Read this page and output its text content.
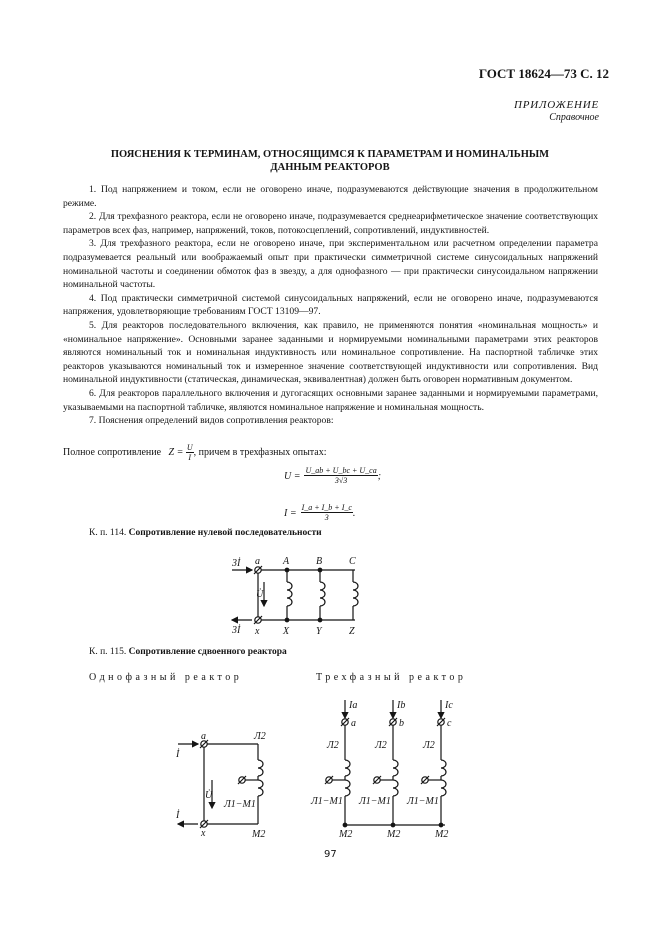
ГОСТ 18624—73 С. 12
ПРИЛОЖЕНИЕ
Справочное
ПОЯСНЕНИЯ К ТЕРМИНАМ, ОТНОСЯЩИМСЯ К ПАРАМЕТРАМ И НОМИНАЛЬНЫМ
ДАННЫМ РЕАКТОРОВ

1. Под напряжением и током, если не оговорено иначе, подразумеваются действующие значения в продолжительном режиме.

2. Для трехфазного реактора, если не оговорено иначе, подразумевается среднеарифметическое значение соответствующих параметров всех фаз, например, напряжений, токов, потокосцеплений, сопротивлений, индуктивностей.

3. Для трехфазного реактора, если не оговорено иначе, при экспериментальном или расчетном определении параметра подразумевается реальный или воображаемый опыт при практически симметричной системе синусоидальных напряжений номинальной частоты и соединении обмоток фаз в звезду, а для однофазного — при практически синусоидальном напряжении номинальной частоты.

4. Под практически симметричной системой синусоидальных напряжений, если не оговорено иначе, подразумеваются напряжения, удовлетворяющие требованиям ГОСТ 13109—97.

5. Для реакторов последовательного включения, как правило, не применяются понятия «номинальная мощность» и «номинальное напряжение». Основными заранее заданными и нормируемыми номинальными параметрами этих реакторов являются номинальный ток и номинальная индуктивность или номинальное сопротивление. На паспортной табличке этих реакторов указываются номинальный ток и измеренное значение соответствующей индуктивности или сопротивления. Вид номинальной индуктивности (статическая, динамическая, эквивалентная) должен быть оговорен нормативным документом.

6. Для реакторов параллельного включения и дугогасящих основными заранее заданными и нормируемыми параметрами, указываемыми на паспортной табличке, являются номинальное напряжение и номинальная мощность.

7. Пояснения определений видов сопротивления реакторов:

Полное сопротивление $Z = \frac{U}{I}$ , причем в трехфазных опытах:
$U = \frac{U\_ab + U\_bc + U\_ca}{3√3}$ ;
$I = \frac{I\_a + I\_b + I\_c}{3}$ .
К. п. 114. Сопротивление нулевой последовательности
К. п. 115. Сопротивление сдвоенного реактора
Однофазный реактор	Трехфазный реактор
Ia
a
Л2
Л1−М1
М2
Ib
b
Л2
Л1−М1
М2
Ic
c
Л2
Л1−М1
М2
3İ
3İ
U̇
a A	B	C
x X	Y	Z
İ
İ
a
x
U̇
Л2
Л1−М1
М2
97
